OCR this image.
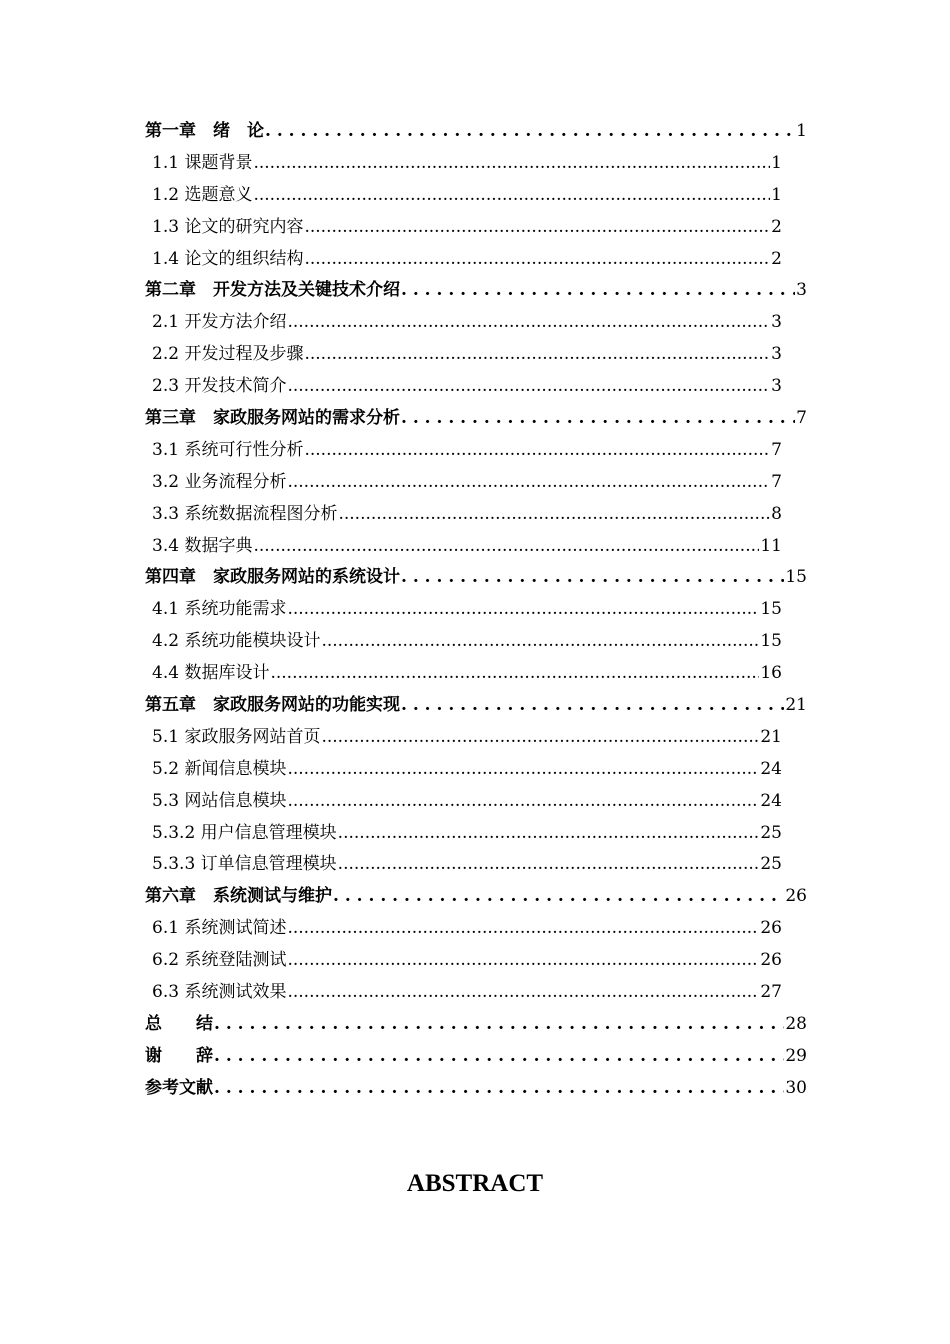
第一章　绪　论 . . .	1
1.1 课题背景 .....	1
1.2 选题意义 .....	1
1.3 论文的研究内容 .....	2
1.4 论文的组织结构 .....	2
第二章　开发方法及关键技术介绍 . . .	3
2.1 开发方法介绍 .....	3
2.2 开发过程及步骤 .....	3
2.3 开发技术简介 .....	3
第三章　家政服务网站的需求分析 . . .	7
3.1 系统可行性分析 .....	7
3.2 业务流程分析 .....	7
3.3 系统数据流程图分析 .....	8
3.4 数据字典 .....	11
第四章　家政服务网站的系统设计 . . .	15
4.1 系统功能需求 .....	15
4.2 系统功能模块设计 .....	15
4.4 数据库设计 .....	16
第五章　家政服务网站的功能实现 . . .	21
5.1 家政服务网站首页 .....	21
5.2 新闻信息模块 .....	24
5.3 网站信息模块 .....	24
5.3.2 用户信息管理模块 .....	25
5.3.3 订单信息管理模块 .....	25
第六章　系统测试与维护 . . .	26
6.1 系统测试简述 .....	26
6.2 系统登陆测试 .....	26
6.3 系统测试效果 .....	27
总　　结 . . .	28
谢　　辞 . . .	29
参考文献 . . .	30
ABSTRACT
